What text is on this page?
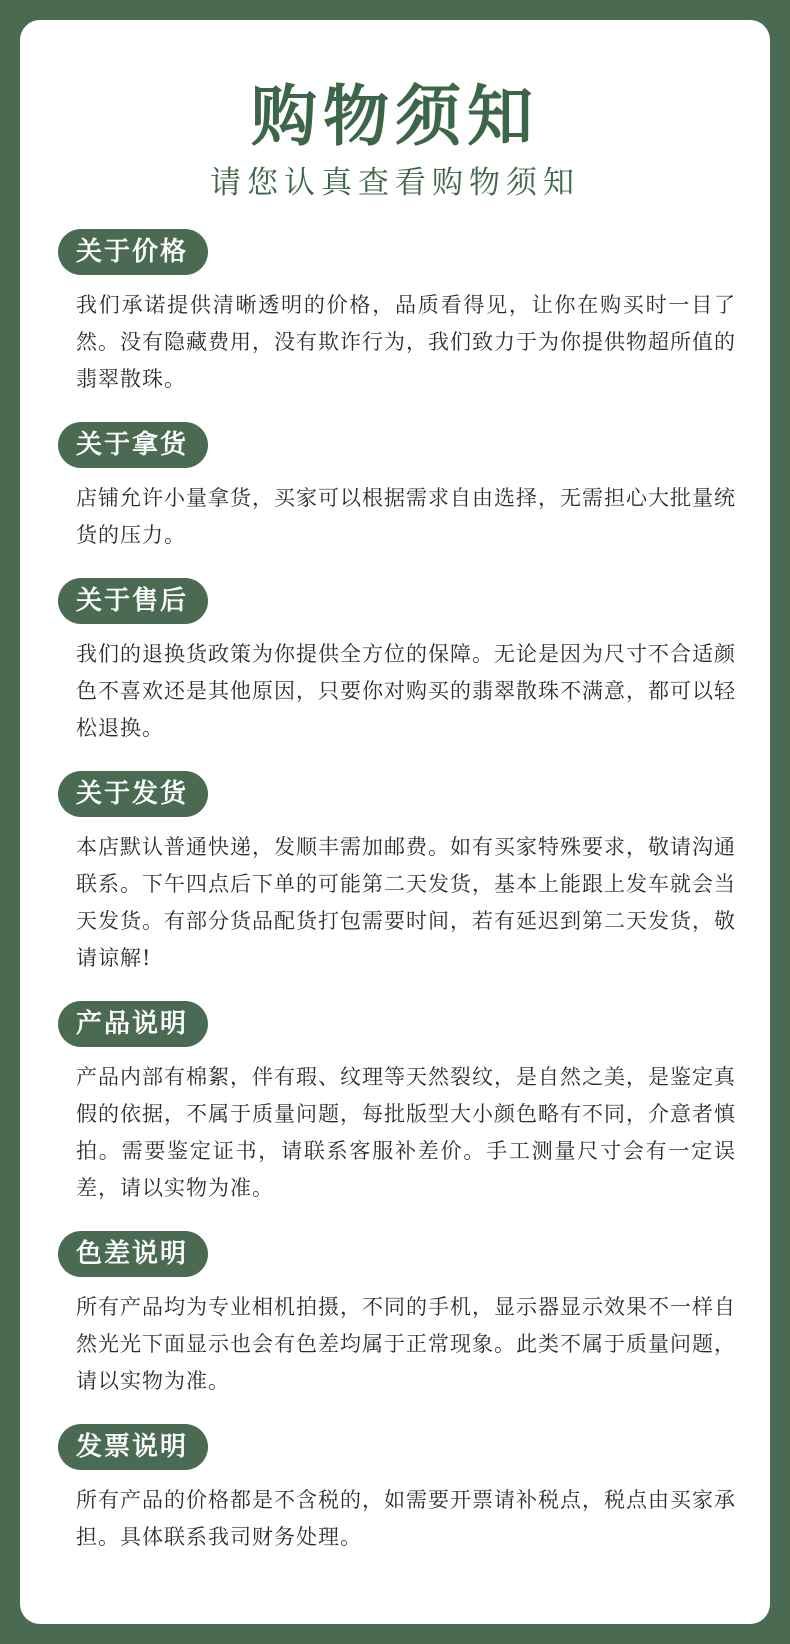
购物须知
请您认真查看购物须知
关于价格

我们承诺提供清晰透明的价格，品质看得见，让你在购买时一目了然。没有隐藏费用，没有欺诈行为，我们致力于为你提供物超所值的翡翠散珠。

关于拿货

店铺允许小量拿货，买家可以根据需求自由选择，无需担心大批量统货的压力。

关于售后

我们的退换货政策为你提供全方位的保障。无论是因为尺寸不合适颜色不喜欢还是其他原因，只要你对购买的翡翠散珠不满意，都可以轻松退换。

关于发货

本店默认普通快递，发顺丰需加邮费。如有买家特殊要求，敬请沟通联系。下午四点后下单的可能第二天发货，基本上能跟上发车就会当天发货。有部分货品配货打包需要时间，若有延迟到第二天发货，敬请谅解!

产品说明

产品内部有棉絮，伴有瑕、纹理等天然裂纹，是自然之美，是鉴定真假的依据，不属于质量问题，每批版型大小颜色略有不同，介意者慎拍。需要鉴定证书，请联系客服补差价。手工测量尺寸会有一定误差，请以实物为准。

色差说明

所有产品均为专业相机拍摄，不同的手机，显示器显示效果不一样自然光光下面显示也会有色差均属于正常现象。此类不属于质量问题，请以实物为准。

发票说明

所有产品的价格都是不含税的，如需要开票请补税点，税点由买家承担。具体联系我司财务处理。
